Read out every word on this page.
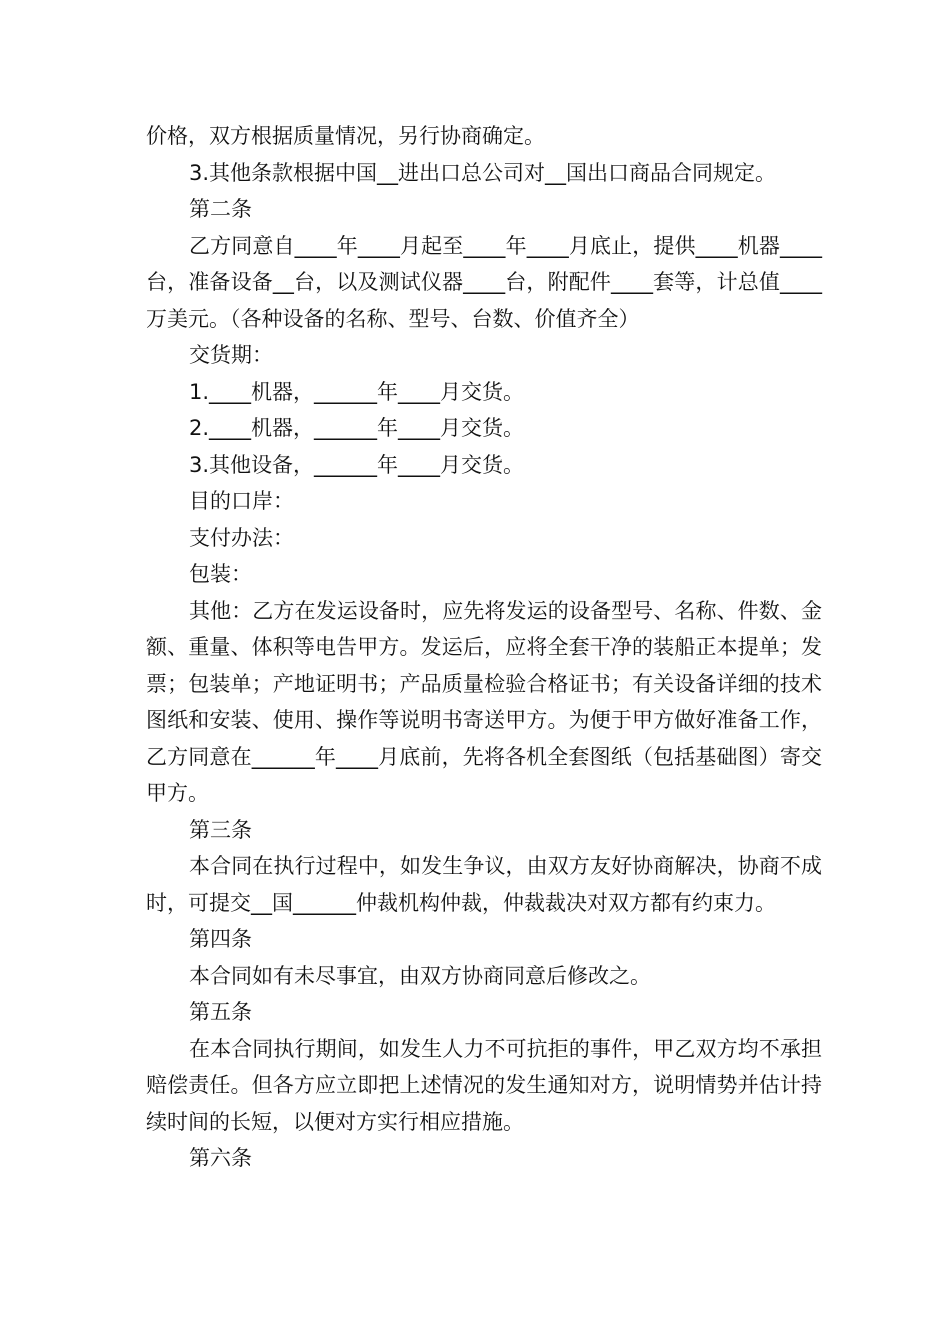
价格，双方根据质量情况，另行协商确定。

3.其他条款根据中国__进出口总公司对__国出口商品合同规定。

第二条

乙方同意自____年____月起至____年____月底止，提供____机器____台，准备设备__台，以及测试仪器____台，附配件____套等，计总值____万美元。（各种设备的名称、型号、台数、价值齐全）

交货期：

1.____机器，______年____月交货。

2.____机器，______年____月交货。

3.其他设备，______年____月交货。

目的口岸：

支付办法：

包装：

其他：乙方在发运设备时，应先将发运的设备型号、名称、件数、金额、重量、体积等电告甲方。发运后，应将全套干净的装船正本提单；发票；包装单；产地证明书；产品质量检验合格证书；有关设备详细的技术图纸和安装、使用、操作等说明书寄送甲方。为便于甲方做好准备工作，乙方同意在______年____月底前，先将各机全套图纸（包括基础图）寄交甲方。

第三条

本合同在执行过程中，如发生争议，由双方友好协商解决，协商不成时，可提交__国______仲裁机构仲裁，仲裁裁决对双方都有约束力。

第四条

本合同如有未尽事宜，由双方协商同意后修改之。

第五条

在本合同执行期间，如发生人力不可抗拒的事件，甲乙双方均不承担赔偿责任。但各方应立即把上述情况的发生通知对方，说明情势并估计持续时间的长短，以便对方实行相应措施。

第六条
